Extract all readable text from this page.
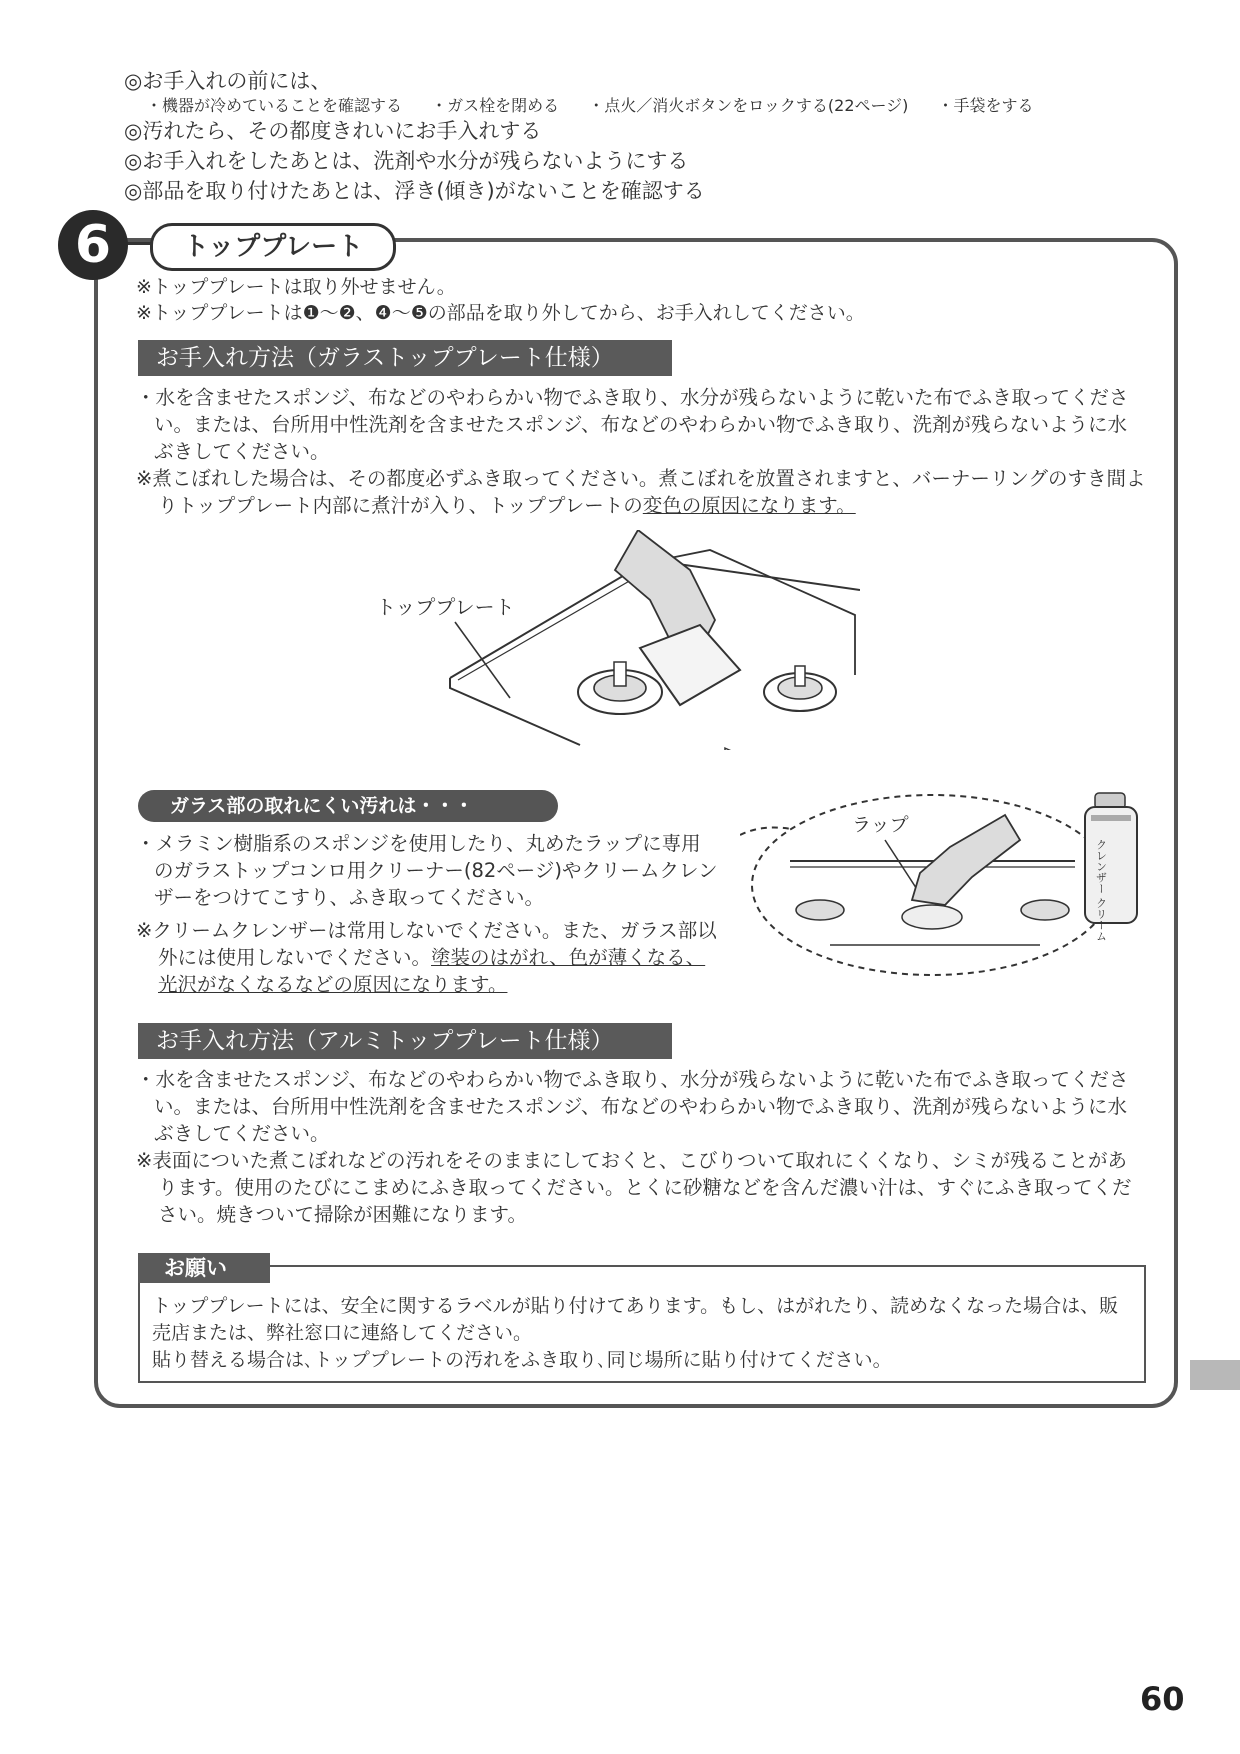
◎お手入れの前には、
・機器が冷めていることを確認する ・ガス栓を閉める ・点火／消火ボタンをロックする(22ページ) ・手袋をする
◎汚れたら、その都度きれいにお手入れする
◎お手入れをしたあとは、洗剤や水分が残らないようにする
◎部品を取り付けたあとは、浮き(傾き)がないことを確認する
6	トッププレート
※トッププレートは取り外せません。
※トッププレートは❶〜❷、❹〜❺の部品を取り外してから、お手入れしてください。
お手入れ方法（ガラストッププレート仕様）
・水を含ませたスポンジ、布などのやわらかい物でふき取り、水分が残らないように乾いた布でふき取ってください。または、台所用中性洗剤を含ませたスポンジ、布などのやわらかい物でふき取り、洗剤が残らないように水ぶきしてください。
※煮こぼれした場合は、その都度必ずふき取ってください。煮こぼれを放置されますと、バーナーリングのすき間よりトッププレート内部に煮汁が入り、トッププレートの変色の原因になります。
トッププレート
ガラス部の取れにくい汚れは・・・
・メラミン樹脂系のスポンジを使用したり、丸めたラップに専用のガラストップコンロ用クリーナー(82ページ)やクリームクレンザーをつけてこすり、ふき取ってください。
※クリームクレンザーは常用しないでください。また、ガラス部以外には使用しないでください。塗装のはがれ、色が薄くなる、光沢がなくなるなどの原因になります。
ラップ
クレンザー クリーム
お手入れ方法（アルミトッププレート仕様）
・水を含ませたスポンジ、布などのやわらかい物でふき取り、水分が残らないように乾いた布でふき取ってください。または、台所用中性洗剤を含ませたスポンジ、布などのやわらかい物でふき取り、洗剤が残らないように水ぶきしてください。
※表面についた煮こぼれなどの汚れをそのままにしておくと、こびりついて取れにくくなり、シミが残ることがあります。使用のたびにこまめにふき取ってください。とくに砂糖などを含んだ濃い汁は、すぐにふき取ってください。焼きついて掃除が困難になります。
トッププレートには、安全に関するラベルが貼り付けてあります。もし、はがれたり、読めなくなった場合は、販売店または、弊社窓口に連絡してください。
貼り替える場合は､トッププレートの汚れをふき取り､同じ場所に貼り付けてください。
お願い
60
